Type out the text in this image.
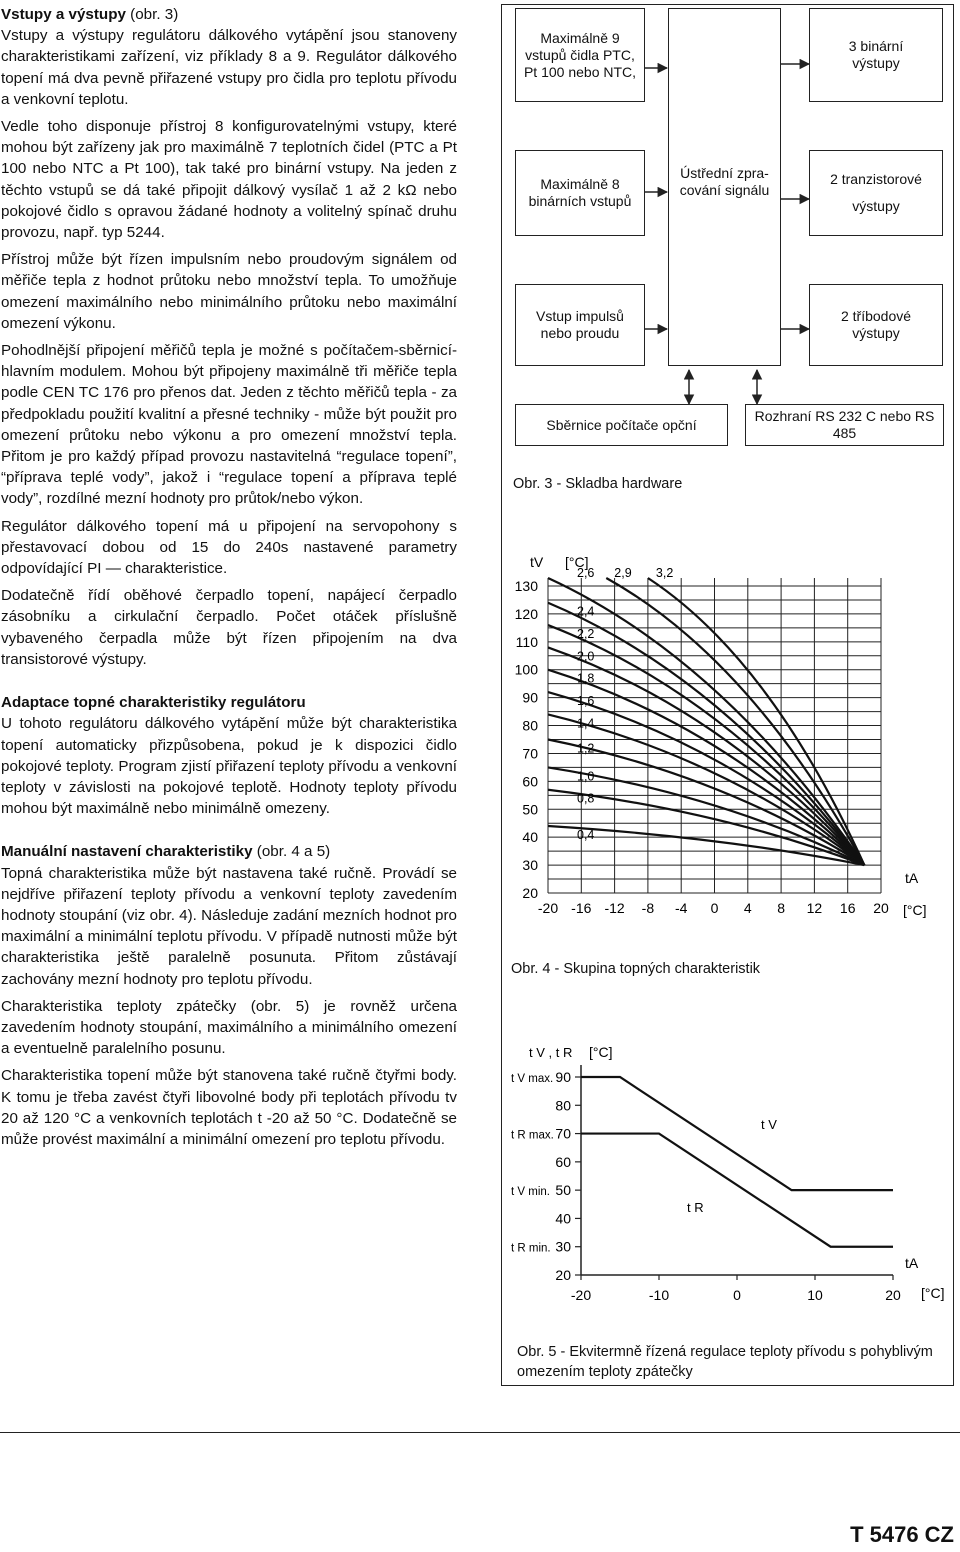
Vstupy a výstupy (obr. 3)

Vstupy a výstupy regulátoru dálkového vytápění jsou stanoveny charakteristikami zařízení, viz příklady 8 a 9. Regulátor dálkového topení má dva pevně přiřazené vstupy pro čidla pro teplotu přívodu a venkovní teplotu.

Vedle toho disponuje přístroj 8 konfigurovatelnými vstupy, které mohou být zařízeny jak pro maximálně 7 teplotních čidel (PTC a Pt 100 nebo NTC a Pt 100), tak také pro binární vstupy. Na jeden z těchto vstupů se dá také připojit dálkový vysílač 1 až 2 kΩ nebo pokojové čidlo s opravou žádané hodnoty a volitelný spínač druhu provozu, např. typ 5244.

Přístroj může být řízen impulsním nebo proudovým signálem od měřiče tepla z hodnot průtoku nebo množství tepla. To umožňuje omezení maximálního nebo minimálního průtoku nebo maximální omezení výkonu.

Pohodlnější připojení měřičů tepla je možné s počítačem-sběrnicí-hlavním modulem. Mohou být připojeny maximálně tři měřiče tepla podle CEN TC 176 pro přenos dat. Jeden z těchto měřičů tepla - za předpokladu použití kvalitní a přesné techniky - může být použit pro omezení průtoku nebo výkonu a pro omezení množství tepla. Přitom je pro každý případ provozu nastavitelná “regulace topení”, “příprava teplé vody”, jakož i “regulace topení a příprava teplé vody”, rozdílné mezní hodnoty pro průtok/nebo výkon.

Regulátor dálkového topení má u připojení na servopohony s přestavovací dobou od 15 do 240s nastavené parametry odpovídající PI — charakteristice.

Dodatečně řídí oběhové čerpadlo topení, napájecí čerpadlo zásobníku a cirkulační čerpadlo. Počet otáček příslušně vybaveného čerpadla může být řízen připojením na dva transistorové výstupy.

Adaptace topné charakteristiky regulátoru

U tohoto regulátoru dálkového vytápění může být charakteristika topení automaticky přizpůsobena, pokud je k dispozici čidlo pokojové teploty. Program zjistí přiřazení teploty přívodu a venkovní teploty v závislosti na pokojové teplotě. Hodnoty teploty přívodu mohou být maximálně nebo minimálně omezeny.

Manuální nastavení charakteristiky (obr. 4 a 5)

Topná charakteristika může být nastavena také ručně. Provádí se nejdříve přiřazení teploty přívodu a venkovní teploty zavedením hodnoty stoupání (viz obr. 4). Následuje zadání mezních hodnot pro maximální a minimální teplotu přívodu. V případě nutnosti může být charakteristika ještě paralelně posunuta. Přitom zůstávají zachovány mezní hodnoty pro teplotu přívodu.

Charakteristika teploty zpátečky (obr. 5) je rovněž určena zavedením hodnoty stoupání, maximálního a minimálního omezení a eventuelně paralelního posunu.

Charakteristika topení může být stanovena také ručně čtyřmi body. K tomu je třeba zavést čtyři libovolné body při teplotách přívodu tv 20 až 120 °C a venkovních teplotách t -20 až 50 °C. Dodatečně se může provést maximální a minimální omezení pro teplotu přívodu.

Maximálně 9
vstupů čidla PTC,
Pt 100 nebo NTC,
3 binární
výstupy
Maximálně 8
binárních vstupů
Ústřední zpra-
cování signálu
2 tranzistorové
výstupy
Vstup impulsů
nebo proudu
2 tříbodové
výstupy
Sběrnice počítače opční
Rozhraní RS 232 C nebo RS
485
Obr. 3 - Skladba hardware
20
30
40
50
60
70
80
90
100
110
120
130
-20 -16 -12 -8 -4 0 4 8 12 16 20
tV [°C]
[°C]
tA
3,2
2,9
2,6
2,4
2,2
2,0
1,8
1,6
1,4
1,2
1,0
0,8
0,4
Obr. 4 - Skupina topných charakteristik
20
30
40
50
60
70
80
90
-20	-10	0	10	20
t V max.
t R max.
t V min.
t R min.
t V , t R [°C]
tA
[°C]
t V
t R
Obr. 5 - Ekvitermně řízená regulace teploty přívodu s pohyblivým omezením teploty zpátečky
T 5476 CZ
